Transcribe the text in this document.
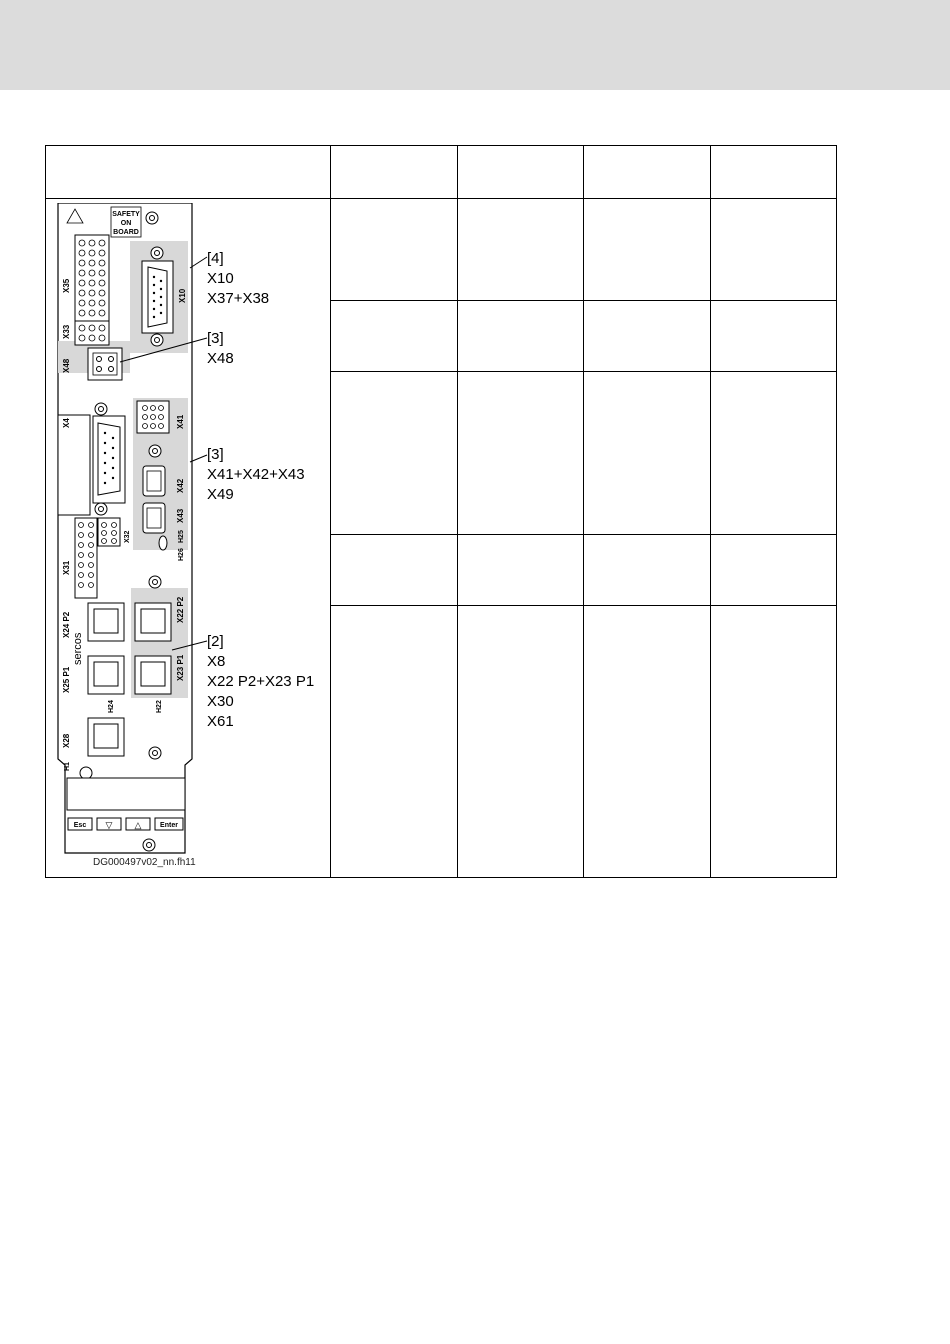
SAFETY
ON
BOARD
X35
X33
X48
X10
X4	X41
X42
X43
H25
H26
X32
X31
X24 P2
sercos
X25 P1
X22 P2
X23 P1
H22
H24
X28
H1
Esc ▽ △	Enter
[4]
X10
X37+X38
[3]
X48
[3]
X41+X42+X43
X49
[2]
X8
X22 P2+X23 P1
X30
X61
DG000497v02_nn.fh11
